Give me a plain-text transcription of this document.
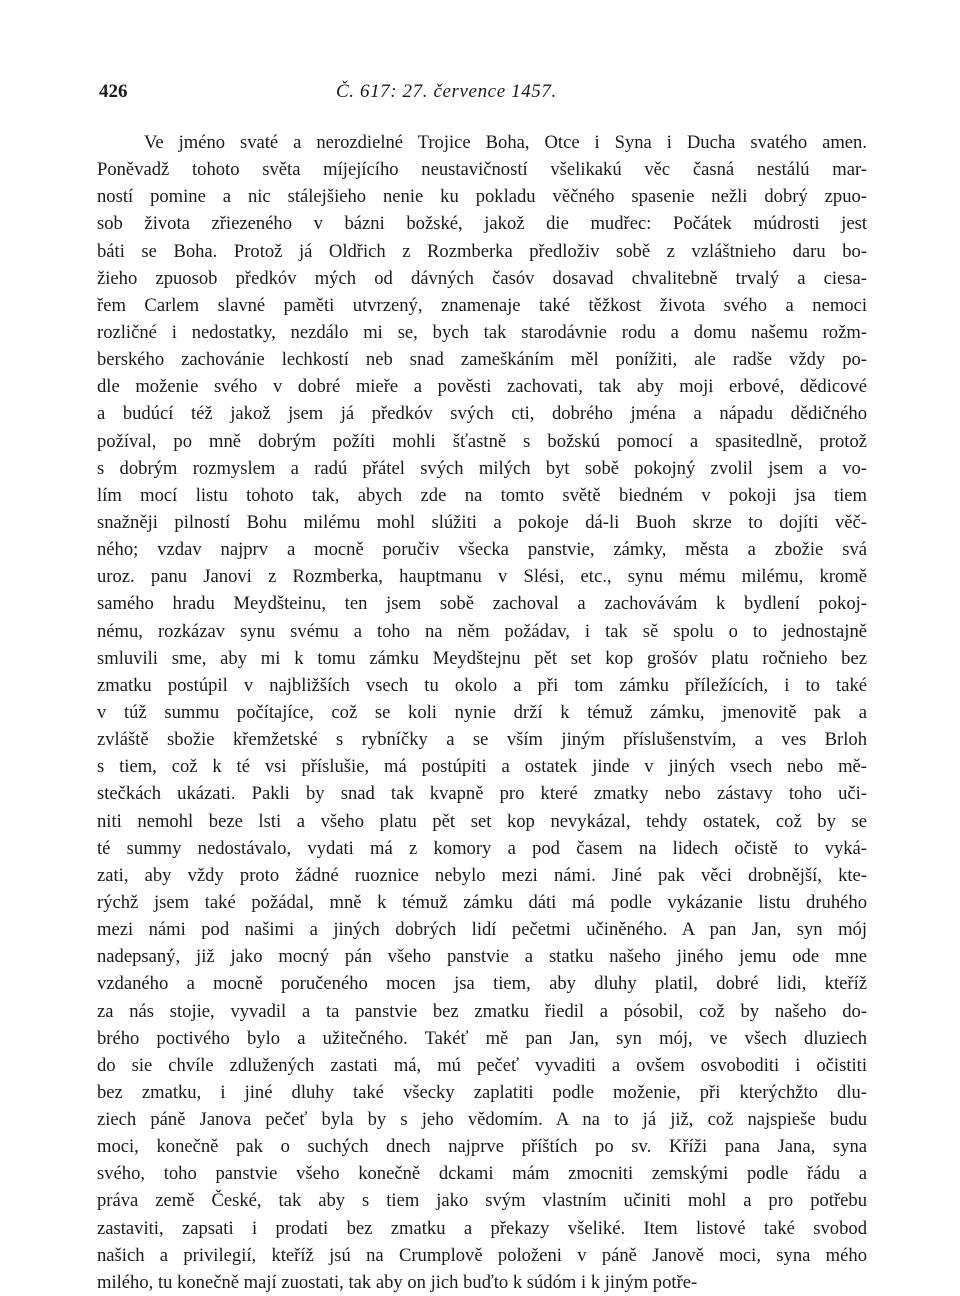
426	Č. 617: 27. července 1457.
Ve jméno svaté a nerozdielné Trojice Boha, Otce i Syna i Ducha svatého amen.
Poněvadž tohoto světa míjejícího neustavičností všelikakú věc časná nestálú mar-
ností pomine a nic stálejšieho nenie ku pokladu věčného spasenie nežli dobrý zpuo-
sob života zřiezeného v bázni božské, jakož die mudřec: Počátek múdrosti jest
báti se Boha. Protož já Oldřich z Rozmberka předloživ sobě z vzláštnieho daru bo-
žieho zpuosob předkóv mých od dávných časóv dosavad chvalitebně trvalý a ciesa-
řem Carlem slavné paměti utvrzený, znamenaje také těžkost života svého a nemoci
rozličné i nedostatky, nezdálo mi se, bych tak starodávnie rodu a domu našemu rožm-
berského zachovánie lechkostí neb snad zameškáním měl ponížiti, ale radše vždy po-
dle moženie svého v dobré mieře a pověsti zachovati, tak aby moji erbové, dědicové
a budúcí též jakož jsem já předkóv svých cti, dobrého jména a nápadu dědičného
požíval, po mně dobrým požíti mohli šťastně s božskú pomocí a spasitedlně, protož
s dobrým rozmyslem a radú přátel svých milých byt sobě pokojný zvolil jsem a vo-
lím mocí listu tohoto tak, abych zde na tomto světě biedném v pokoji jsa tiem
snažněji pilností Bohu milému mohl slúžiti a pokoje dá-li Buoh skrze to dojíti věč-
ného; vzdav najprv a mocně poručiv všecka panstvie, zámky, města a zbožie svá
uroz. panu Janovi z Rozmberka, hauptmanu v Slési, etc., synu mému milému, kromě
samého hradu Meydšteinu, ten jsem sobě zachoval a zachovávám k bydlení pokoj-
nému, rozkázav synu svému a toho na něm požádav, i tak sě spolu o to jednostajně
smluvili sme, aby mi k tomu zámku Meydštejnu pět set kop grošóv platu ročnieho bez
zmatku postúpil v najbližších vsech tu okolo a při tom zámku příležících, i to také
v túž summu počítajíce, což se koli nynie drží k témuž zámku, jmenovitě pak a
zvláště sbožie křemžetské s rybníčky a se vším jiným příslušenstvím, a ves Brloh
s tiem, což k té vsi příslušie, má postúpiti a ostatek jinde v jiných vsech nebo mě-
stečkách ukázati. Pakli by snad tak kvapně pro které zmatky nebo zástavy toho uči-
niti nemohl beze lsti a všeho platu pět set kop nevykázal, tehdy ostatek, což by se
té summy nedostávalo, vydati má z komory a pod časem na lidech očistě to vyká-
zati, aby vždy proto žádné ruoznice nebylo mezi námi. Jiné pak věci drobnější, kte-
rýchž jsem také požádal, mně k témuž zámku dáti má podle vykázanie listu druhého
mezi námi pod našimi a jiných dobrých lidí pečetmi učiněného. A pan Jan, syn mój
nadepsaný, již jako mocný pán všeho panstvie a statku našeho jiného jemu ode mne
vzdaného a mocně poručeného mocen jsa tiem, aby dluhy platil, dobré lidi, kteříž
za nás stojie, vyvadil a ta panstvie bez zmatku řiedil a pósobil, což by našeho do-
brého poctivého bylo a užitečného. Takéť mě pan Jan, syn mój, ve všech dluziech
do sie chvíle zdlužených zastati má, mú pečeť vyvaditi a ovšem osvoboditi i očistiti
bez zmatku, i jiné dluhy také všecky zaplatiti podle moženie, při kterýchžto dlu-
ziech páně Janova pečeť byla by s jeho vědomím. A na to já již, což najspieše budu
moci, konečně pak o suchých dnech najprve příštích po sv. Kříži pana Jana, syna
svého, toho panstvie všeho konečně dckami mám zmocniti zemskými podle řádu a
práva země České, tak aby s tiem jako svým vlastním učiniti mohl a pro potřebu
zastaviti, zapsati i prodati bez zmatku a překazy všeliké. Item listové také svobod
našich a privilegií, kteříž jsú na Crumplově položeni v páně Janově moci, syna mého
milého, tu konečně mají zuostati, tak aby on jich buďto k súdóm i k jiným potře-
